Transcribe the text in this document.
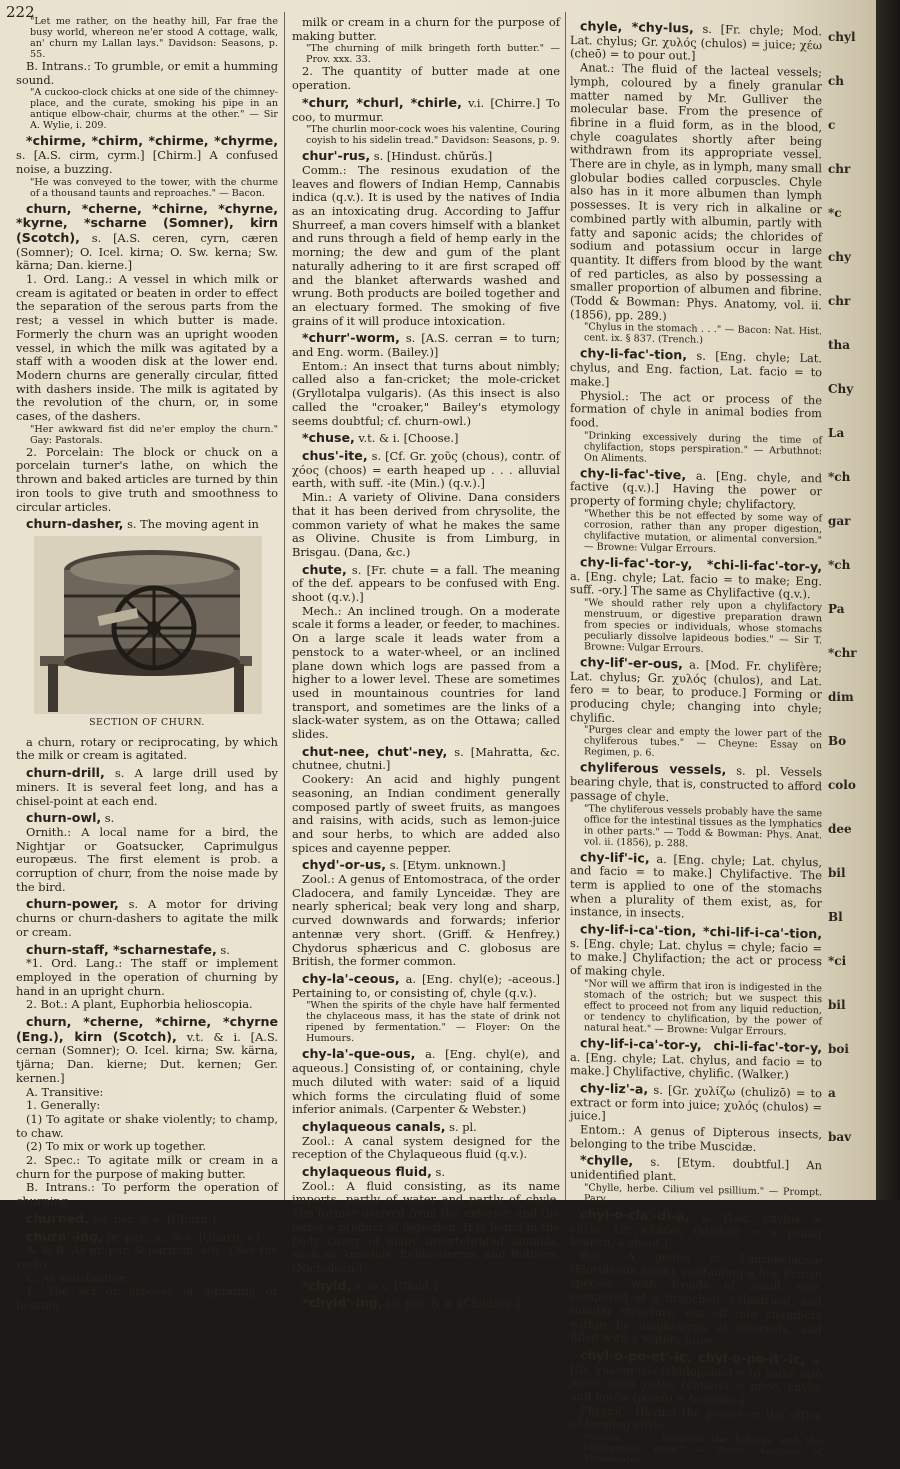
222

"Let me rather, on the heathy hill, Far frae the busy world, whereon ne'er stood A cottage, walk, an' churn my Lallan lays." Davidson: Seasons, p. 55.

B. Intrans.: To grumble, or emit a humming sound.

"A cuckoo-clock chicks at one side of the chimney-place, and the curate, smoking his pipe in an antique elbow-chair, churms at the other." — Sir A. Wylie, i. 209.

*chirme, *chirm, *chirme, *chyrme, s. [A.S. cirm, cyrm.] [Chirm.] A confused noise, a buzzing.

"He was conveyed to the tower, with the churme of a thousand taunts and reproaches." — Bacon.

churn, *cherne, *chirne, *chyrne, *kyrne, *scharne (Somner), kirn (Scotch), s. [A.S. ceren, cyrn, cæren (Somner); O. Icel. kirna; O. Sw. kerna; Sw. kärna; Dan. kierne.]

1. Ord. Lang.: A vessel in which milk or cream is agitated or beaten in order to effect the separation of the serous parts from the rest; a vessel in which butter is made. Formerly the churn was an upright wooden vessel, in which the milk was agitated by a staff with a wooden disk at the lower end. Modern churns are generally circular, fitted with dashers inside. The milk is agitated by the revolution of the churn, or, in some cases, of the dashers.

"Her awkward fist did ne'er employ the churn." Gay: Pastorals.

2. Porcelain: The block or chuck on a porcelain turner's lathe, on which the thrown and baked articles are turned by thin iron tools to give truth and smoothness to circular articles.

churn-dasher, s. The moving agent in

SECTION OF CHURN.

a churn, rotary or reciprocating, by which the milk or cream is agitated.

churn-drill, s. A large drill used by miners. It is several feet long, and has a chisel-point at each end.

churn-owl, s.

Ornith.: A local name for a bird, the Nightjar or Goatsucker, Caprimulgus europæus. The first element is prob. a corruption of churr, from the noise made by the bird.

churn-power, s. A motor for driving churns or churn-dashers to agitate the milk or cream.

churn-staff, *scharnestafe, s.

*1. Ord. Lang.: The staff or implement employed in the operation of churning by hand in an upright churn.

2. Bot.: A plant, Euphorbia helioscopia.

churn, *cherne, *chirne, *chyrne (Eng.), kirn (Scotch), v.t. & i. [A.S. cernan (Somner); O. Icel. kirna; Sw. kärna, tjärna; Dan. kierne; Dut. kernen; Ger. kernen.]

A. Transitive:

1. Generally:

(1) To agitate or shake violently; to champ, to chaw.

(2) To mix or work up together.

2. Spec.: To agitate milk or cream in a churn for the purpose of making butter.

B. Intrans.: To perform the operation of churning.

churned, pa. par. & a. [Churn.]

churn'-ing, pr. par., a., & s. [Churn, v.]

A. & B. As pr. par. & particip. adj.: (See the verb).

C. As substantive:

1. The act or process of agitating or beating

milk or cream in a churn for the purpose of making butter.

"The churning of milk bringeth forth butter." — Prov. xxx. 33.

2. The quantity of butter made at one operation.

*churr, *churl, *chirle, v.i. [Chirre.] To coo, to murmur.

"The churlin moor-cock woes his valentine, Couring coyish to his sidelin tread." Davidson: Seasons, p. 9.

chur'-rus, s. [Hindust. chŭrŭs.]

Comm.: The resinous exudation of the leaves and flowers of Indian Hemp, Cannabis indica (q.v.). It is used by the natives of India as an intoxicating drug. According to Jaffur Shurreef, a man covers himself with a blanket and runs through a field of hemp early in the morning; the dew and gum of the plant naturally adhering to it are first scraped off and the blanket afterwards washed and wrung. Both products are boiled together and an electuary formed. The smoking of five grains of it will produce intoxication.

*churr'-worm, s. [A.S. cerran = to turn; and Eng. worm. (Bailey.)]

Entom.: An insect that turns about nimbly; called also a fan-cricket; the mole-cricket (Gryllotalpa vulgaris). (As this insect is also called the "croaker," Bailey's etymology seems doubtful; cf. churn-owl.)

*chuse, v.t. & i. [Choose.]

chus'-ite, s. [Cf. Gr. χοῦς (chous), contr. of χόος (choos) = earth heaped up . . . alluvial earth, with suff. -ite (Min.) (q.v.).]

Min.: A variety of Olivine. Dana considers that it has been derived from chrysolite, the common variety of what he makes the same as Olivine. Chusite is from Limburg, in Brisgau. (Dana, &c.)

chute, s. [Fr. chute = a fall. The meaning of the def. appears to be confused with Eng. shoot (q.v.).]

Mech.: An inclined trough. On a moderate scale it forms a leader, or feeder, to machines. On a large scale it leads water from a penstock to a water-wheel, or an inclined plane down which logs are passed from a higher to a lower level. These are sometimes used in mountainous countries for land transport, and sometimes are the links of a slack-water system, as on the Ottawa; called slides.

chut-nee, chut'-ney, s. [Mahratta, &c. chutnee, chutni.]

Cookery: An acid and highly pungent seasoning, an Indian condiment generally composed partly of sweet fruits, as mangoes and raisins, with acids, such as lemon-juice and sour herbs, to which are added also spices and cayenne pepper.

chyd'-or-us, s. [Etym. unknown.]

Zool.: A genus of Entomostraca, of the order Cladocera, and family Lynceidæ. They are nearly spherical; beak very long and sharp, curved downwards and forwards; inferior antennæ very short. (Griff. & Henfrey.) Chydorus sphæricus and C. globosus are British, the former common.

chy-la'-ceous, a. [Eng. chyl(e); -aceous.] Pertaining to, or consisting of, chyle (q.v.).

"When the spirits of the chyle have half fermented the chylaceous mass, it has the state of drink not ripened by fermentation." — Floyer: On the Humours.

chy-la'-que-ous, a. [Eng. chyl(e), and aqueous.] Consisting of, or containing, chyle much diluted with water: said of a liquid which forms the circulating fluid of some inferior animals. (Carpenter & Webster.)

chylaqueous canals, s. pl.

Zool.: A canal system designed for the reception of the Chylaqueous fluid (q.v.).

chylaqueous fluid, s.

Zool.: A fluid consisting, as its name imports, partly of water and partly of chyle. The former derived from the exterior, and the latter a product of digestion. It is found in the body cavity of many invertebrated animals, such as Annelids, Echinoderms, and Rotifers. (Nicholson.)

*chyld, s. & v. [Child.]

*chyld'-ing, pr. par. & a. [Childing.]

chyle, *chy-lus, s. [Fr. chyle; Mod. Lat. chylus; Gr. χυλός (chulos) = juice; χέω (cheō) = to pour out.]

Anat.: The fluid of the lacteal vessels; lymph, coloured by a finely granular matter named by Mr. Gulliver the molecular base. From the presence of fibrine in a fluid form, as in the blood, chyle coagulates shortly after being withdrawn from its appropriate vessel. There are in chyle, as in lymph, many small globular bodies called corpuscles. Chyle also has in it more albumen than lymph possesses. It is very rich in alkaline or combined partly with albumin, partly with fatty and saponic acids; the chlorides of sodium and potassium occur in large quantity. It differs from blood by the want of red particles, as also by possessing a smaller proportion of albumen and fibrine. (Todd & Bowman: Phys. Anatomy, vol. ii. (1856), pp. 289.)

"Chylus in the stomach . . ." — Bacon: Nat. Hist. cent. ix. § 837. (Trench.)

chy-li-fac'-tion, s. [Eng. chyle; Lat. chylus, and Eng. faction, Lat. facio = to make.]

Physiol.: The act or process of the formation of chyle in animal bodies from food.

"Drinking excessively during the time of chylifaction, stops perspiration." — Arbuthnot: On Aliments.

chy-li-fac'-tive, a. [Eng. chyle, and factive (q.v.).] Having the power or property of forming chyle; chylifactory.

"Whether this be not effected by some way of corrosion, rather than any proper digestion, chylifactive mutation, or alimental conversion." — Browne: Vulgar Errours.

chy-li-fac'-tor-y, *chi-li-fac'-tor-y, a. [Eng. chyle; Lat. facio = to make; Eng. suff. -ory.] The same as Chylifactive (q.v.).

"We should rather rely upon a chylifactory menstruum, or digestive preparation drawn from species or individuals, whose stomachs peculiarly dissolve lapideous bodies." — Sir T. Browne: Vulgar Errours.

chy-lif'-er-ous, a. [Mod. Fr. chylifère; Lat. chylus; Gr. χυλός (chulos), and Lat. fero = to bear, to produce.] Forming or producing chyle; changing into chyle; chylific.

"Purges clear and empty the lower part of the chyliferous tubes." — Cheyne: Essay on Regimen, p. 6.

chyliferous vessels, s. pl. Vessels bearing chyle, that is, constructed to afford passage of chyle.

"The chyliferous vessels probably have the same office for the intestinal tissues as the lymphatics in other parts." — Todd & Bowman: Phys. Anat. vol. ii. (1856), p. 288.

chy-lif'-ic, a. [Eng. chyle; Lat. chylus, and facio = to make.] Chylifactive. The term is applied to one of the stomachs when a plurality of them exist, as, for instance, in insects.

chy-lif-i-ca'-tion, *chi-lif-i-ca'-tion, s. [Eng. chyle; Lat. chylus = chyle; facio = to make.] Chylifaction; the act or process of making chyle.

"Nor will we affirm that iron is indigested in the stomach of the ostrich; but we suspect this effect to proceed not from any liquid reduction, or tendency to chylification, by the power of natural heat." — Browne: Vulgar Errours.

chy-lif-i-ca'-tor-y, chi-li-fac'-tor-y, a. [Eng. chyle; Lat. chylus, and facio = to make.] Chylifactive, chylific. (Walker.)

chy-liz'-a, s. [Gr. χυλίζω (chulizō) = to extract or form into juice; χυλός (chulos) = juice.]

Entom.: A genus of Dipterous insects, belonging to the tribe Muscidæ.

*chylle, s. [Etym. doubtful.] An unidentified plant.

"Chylle, herbe. Cilium vel psillium." — Prompt. Parv.

chyl-o-cla'-di-a, s. [Lat. chylus = chyle; Gr. κλάδος (klados) = a young branch, a shoot.]

Bot.: A genus of Laurenciaceæ (Florideous Algæ), containing a few British species, with fronds of small size, composed of a branched, cylindrical, and tubular structure, cut off into chambers within by diaphragms at intervals, and filled with a watery juice.

chyl-o-po-et'-ic, chyl-o-po-it'-ic, a. [Gr. χυλοποιέω (chulopoieō) = to make into juice; from χυλός (chulos) = juice, chyle, and ποιέω (poieō) = to make.]

Physiol.: Having the power or the office of forming chyle.

viscera, . . . between the kidneys and the chylopoietic ones." — Owen: Anatomy of Vertebrates.

chyl
ch
c
chr
*c
chy
chr
tha
Chy
La
*ch
gar
*ch
Pa
*chr
dim
Bo
colo
dee
bil
Bl
*ci
bil
boi
a
bav
